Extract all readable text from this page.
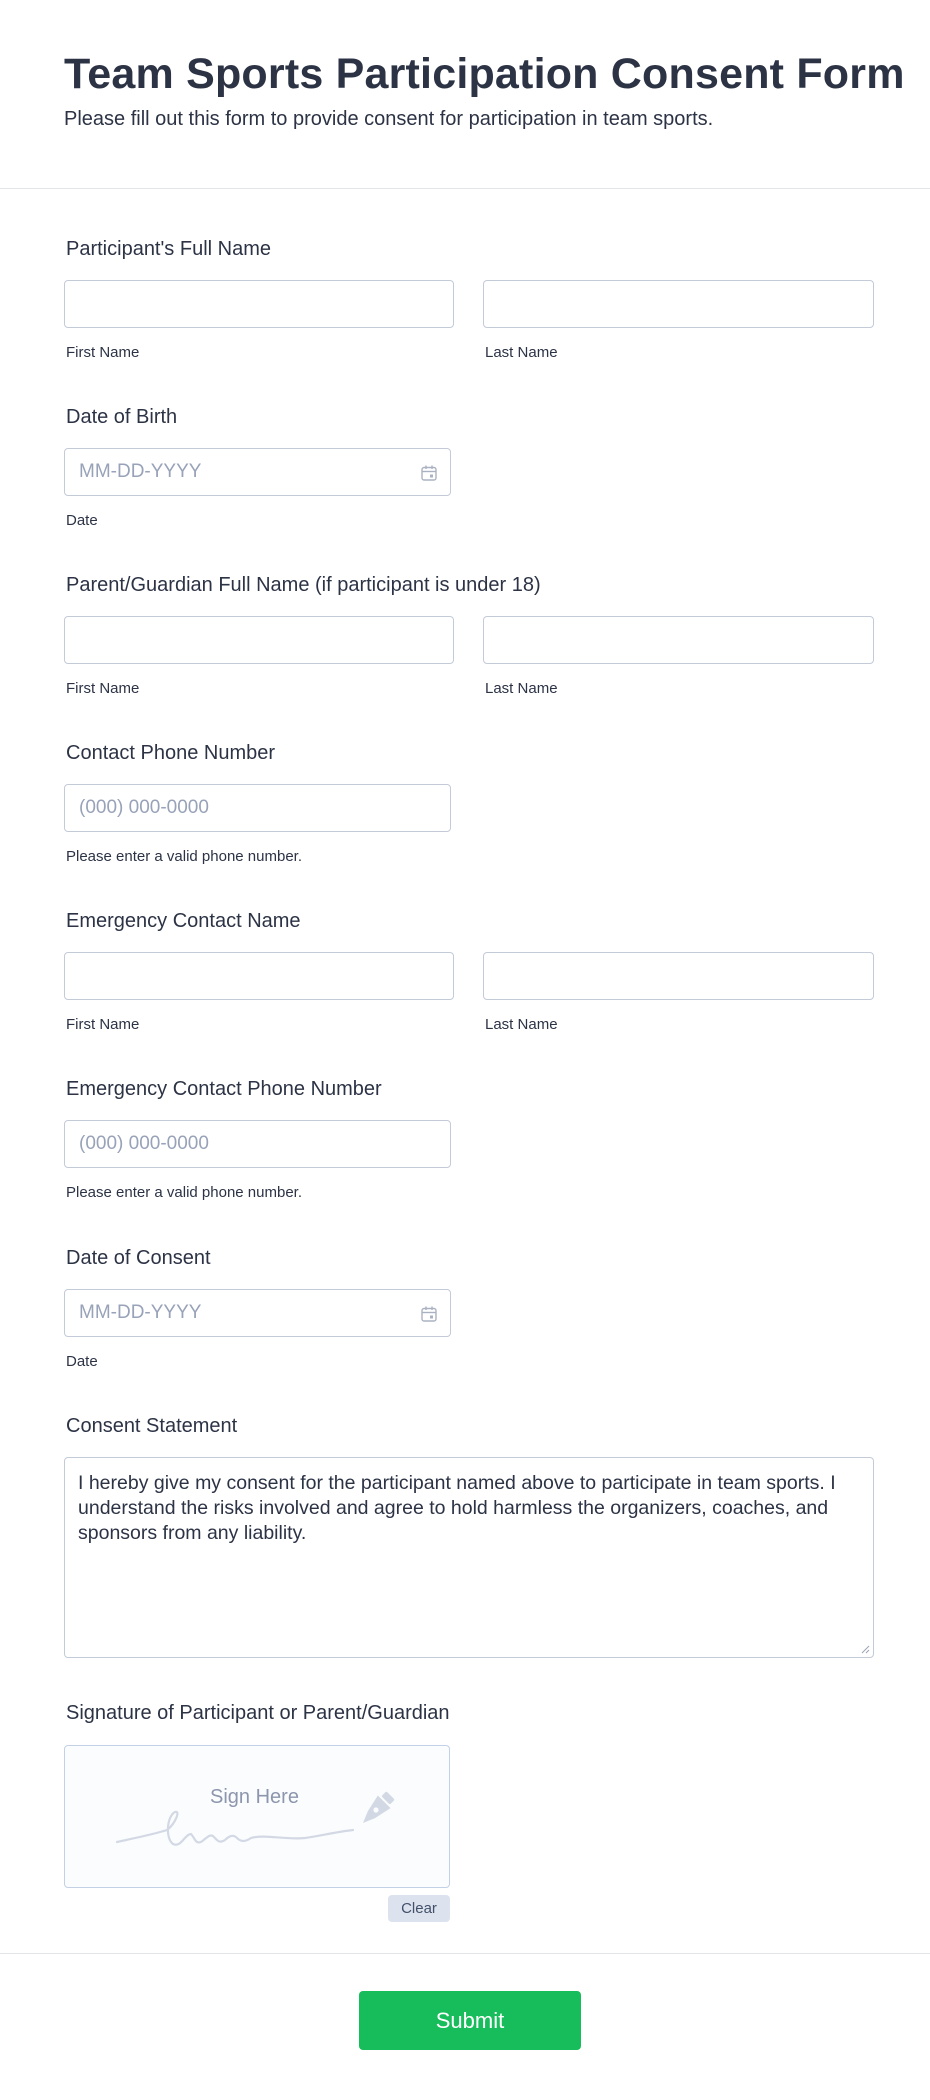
Team Sports Participation Consent Form
Please fill out this form to provide consent for participation in team sports.
Participant's Full Name
First Name	Last Name
Date of Birth
MM-DD-YYYY
Date
Parent/Guardian Full Name (if participant is under 18)
First Name	Last Name
Contact Phone Number
(000) 000-0000
Please enter a valid phone number.
Emergency Contact Name
First Name	Last Name
Emergency Contact Phone Number
(000) 000-0000
Please enter a valid phone number.
Date of Consent
MM-DD-YYYY
Date
Consent Statement
I hereby give my consent for the participant named above to participate in team sports. I understand the risks involved and agree to hold harmless the organizers, coaches, and sponsors from any liability.
Signature of Participant or Parent/Guardian
Sign Here
Clear
Submit
